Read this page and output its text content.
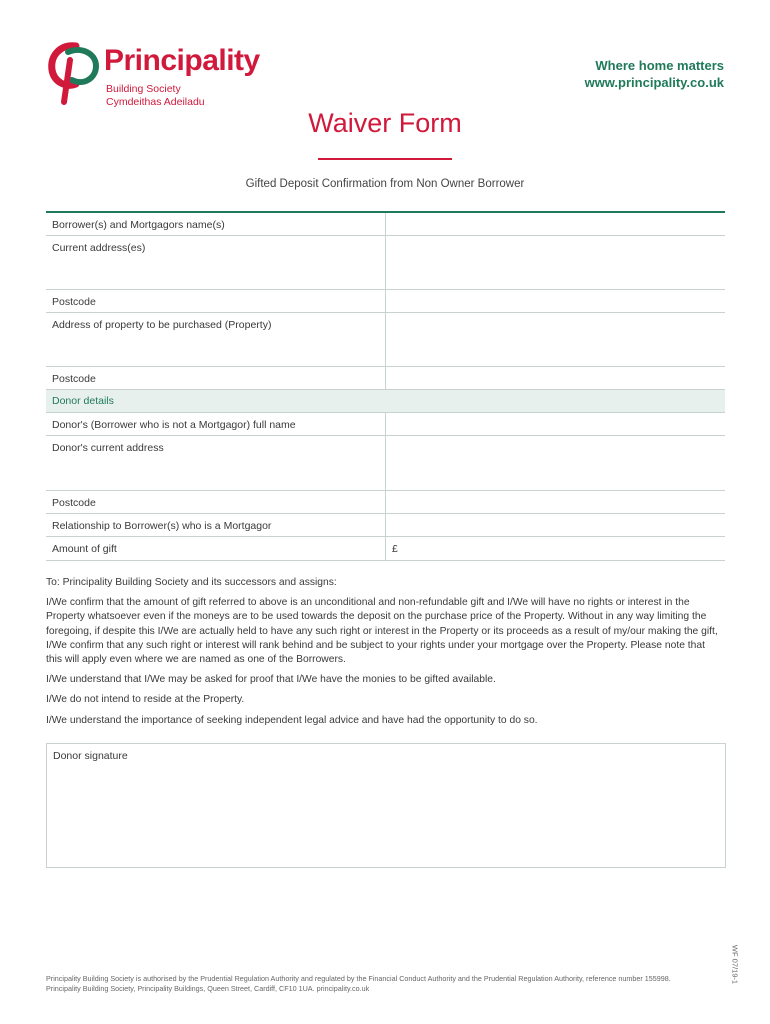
Principality
Building Society
Cymdeithas Adeiladu
Where home matters
www.principality.co.uk
Waiver Form
Gifted Deposit Confirmation from Non Owner Borrower
Borrower(s) and Mortgagors name(s)	
Current address(es)	
Postcode	
Address of property to be purchased (Property)	
Postcode	
Donor details	
Donor's (Borrower who is not a Mortgagor) full name	
Donor's current address	
Postcode	
Relationship to Borrower(s) who is a Mortgagor	
Amount of gift	£

To: Principality Building Society and its successors and assigns:

I/We confirm that the amount of gift referred to above is an unconditional and non-refundable gift and I/We will have no rights or interest in the Property whatsoever even if the moneys are to be used towards the deposit on the purchase price of the Property. Without in any way limiting the foregoing, if despite this I/We are actually held to have any such right or interest in the Property or its proceeds as a result of my/our making the gift, I/We confirm that any such right or interest will rank behind and be subject to your rights under your mortgage over the Property. Please note that this will apply even where we are named as one of the Borrowers.

I/We understand that I/We may be asked for proof that I/We have the monies to be gifted available.

I/We do not intend to reside at the Property.

I/We understand the importance of seeking independent legal advice and have had the opportunity to do so.

Donor signature
Principality Building Society is authorised by the Prudential Regulation Authority and regulated by the Financial Conduct Authority and the Prudential Regulation Authority, reference number 155998.
Principality Building Society, Principality Buildings, Queen Street, Cardiff, CF10 1UA. principality.co.uk
WF 07/19-1
